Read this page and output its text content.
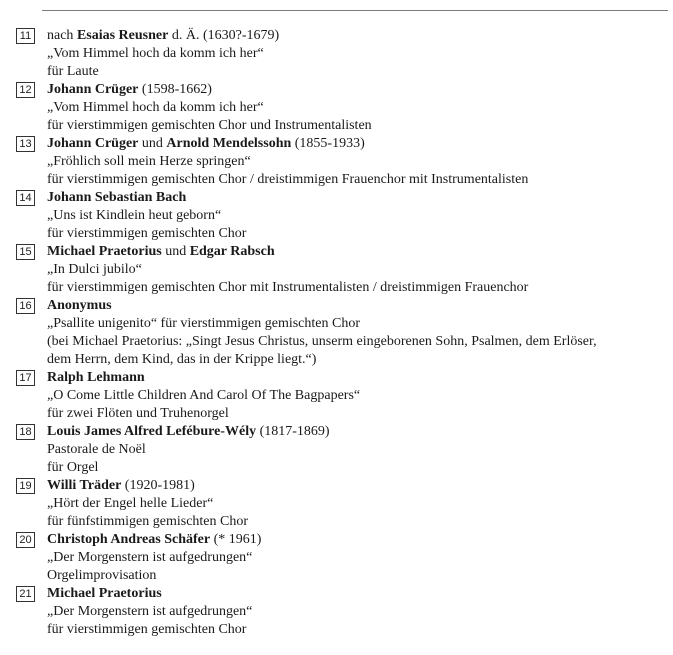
11 nach Esaias Reusner d. Ä. (1630?-1679)
„Vom Himmel hoch da komm ich her“
für Laute
12 Johann Crüger (1598-1662)
„Vom Himmel hoch da komm ich her“
für vierstimmigen gemischten Chor und Instrumentalisten
13 Johann Crüger und Arnold Mendelssohn (1855-1933)
„Fröhlich soll mein Herze springen“
für vierstimmigen gemischten Chor / dreistimmigen Frauenchor mit Instrumentalisten
14 Johann Sebastian Bach
„Uns ist Kindlein heut geborn“
für vierstimmigen gemischten Chor
15 Michael Praetorius und Edgar Rabsch
„In Dulci jubilo“
für vierstimmigen gemischten Chor mit Instrumentalisten / dreistimmigen Frauenchor
16 Anonymus
„Psallite unigenito“ für vierstimmigen gemischten Chor
(bei Michael Praetorius: „Singt Jesus Christus, unserm eingeborenen Sohn, Psalmen, dem Erlöser,
dem Herrn, dem Kind, das in der Krippe liegt.“)
17 Ralph Lehmann
„O Come Little Children And Carol Of The Bagpapers“
für zwei Flöten und Truhenorgel
18 Louis James Alfred Lefébure-Wély (1817-1869)
Pastorale de Noël
für Orgel
19 Willi Träder (1920-1981)
„Hört der Engel helle Lieder“
für fünfstimmigen gemischten Chor
20 Christoph Andreas Schäfer (* 1961)
„Der Morgenstern ist aufgedrungen“
Orgelimprovisation
21 Michael Praetorius
„Der Morgenstern ist aufgedrungen“
für vierstimmigen gemischten Chor
